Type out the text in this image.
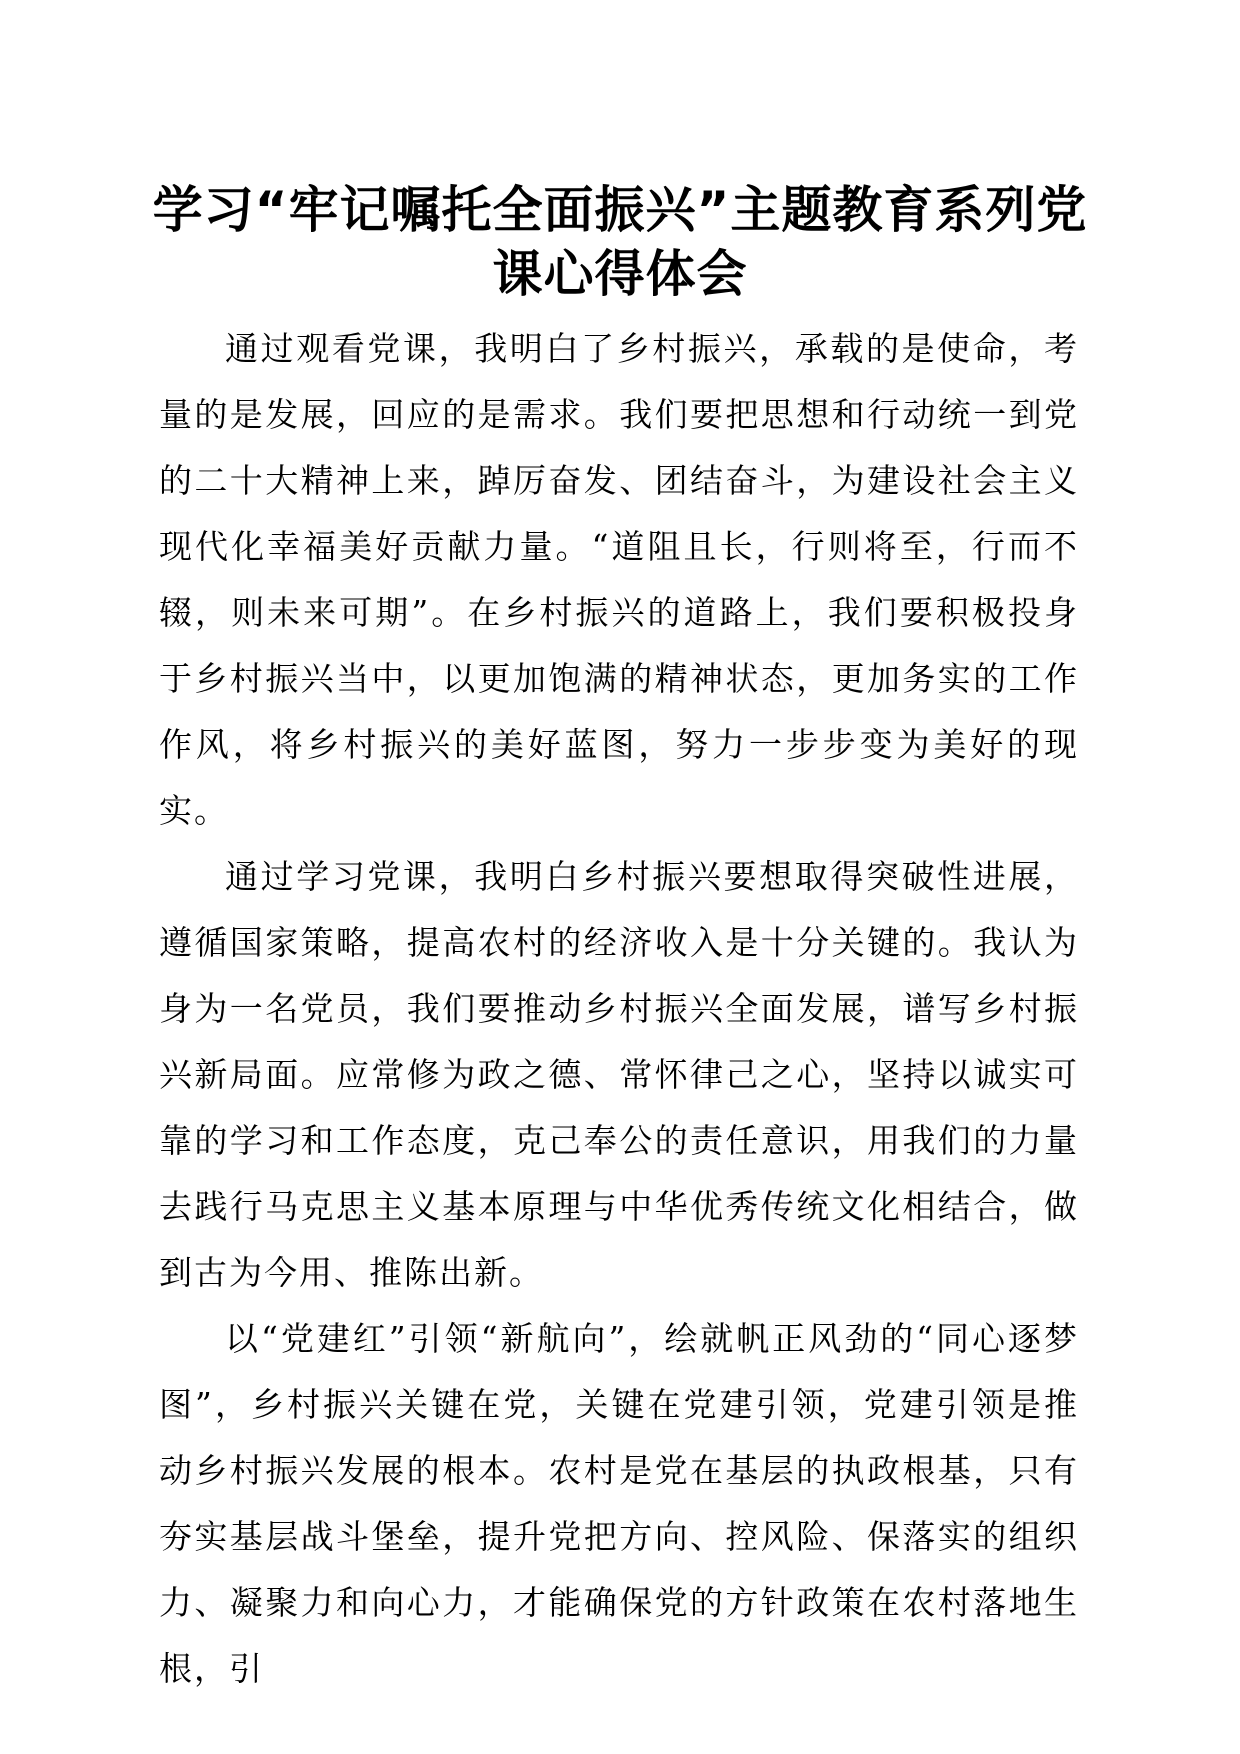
学习“牢记嘱托全面振兴”主题教育系列党课心得体会

通过观看党课，我明白了乡村振兴，承载的是使命，考量的是发展，回应的是需求。我们要把思想和行动统一到党的二十大精神上来，踔厉奋发、团结奋斗，为建设社会主义现代化幸福美好贡献力量。“道阻且长，行则将至，行而不辍，则未来可期”。在乡村振兴的道路上，我们要积极投身于乡村振兴当中，以更加饱满的精神状态，更加务实的工作作风，将乡村振兴的美好蓝图，努力一步步变为美好的现实。

通过学习党课，我明白乡村振兴要想取得突破性进展，遵循国家策略，提高农村的经济收入是十分关键的。我认为身为一名党员，我们要推动乡村振兴全面发展，谱写乡村振兴新局面。应常修为政之德、常怀律己之心，坚持以诚实可靠的学习和工作态度，克己奉公的责任意识，用我们的力量去践行马克思主义基本原理与中华优秀传统文化相结合，做到古为今用、推陈出新。

以“党建红”引领“新航向”，绘就帆正风劲的“同心逐梦图”，乡村振兴关键在党，关键在党建引领，党建引领是推动乡村振兴发展的根本。农村是党在基层的执政根基，只有夯实基层战斗堡垒，提升党把方向、控风险、保落实的组织力、凝聚力和向心力，才能确保党的方针政策在农村落地生根，引
